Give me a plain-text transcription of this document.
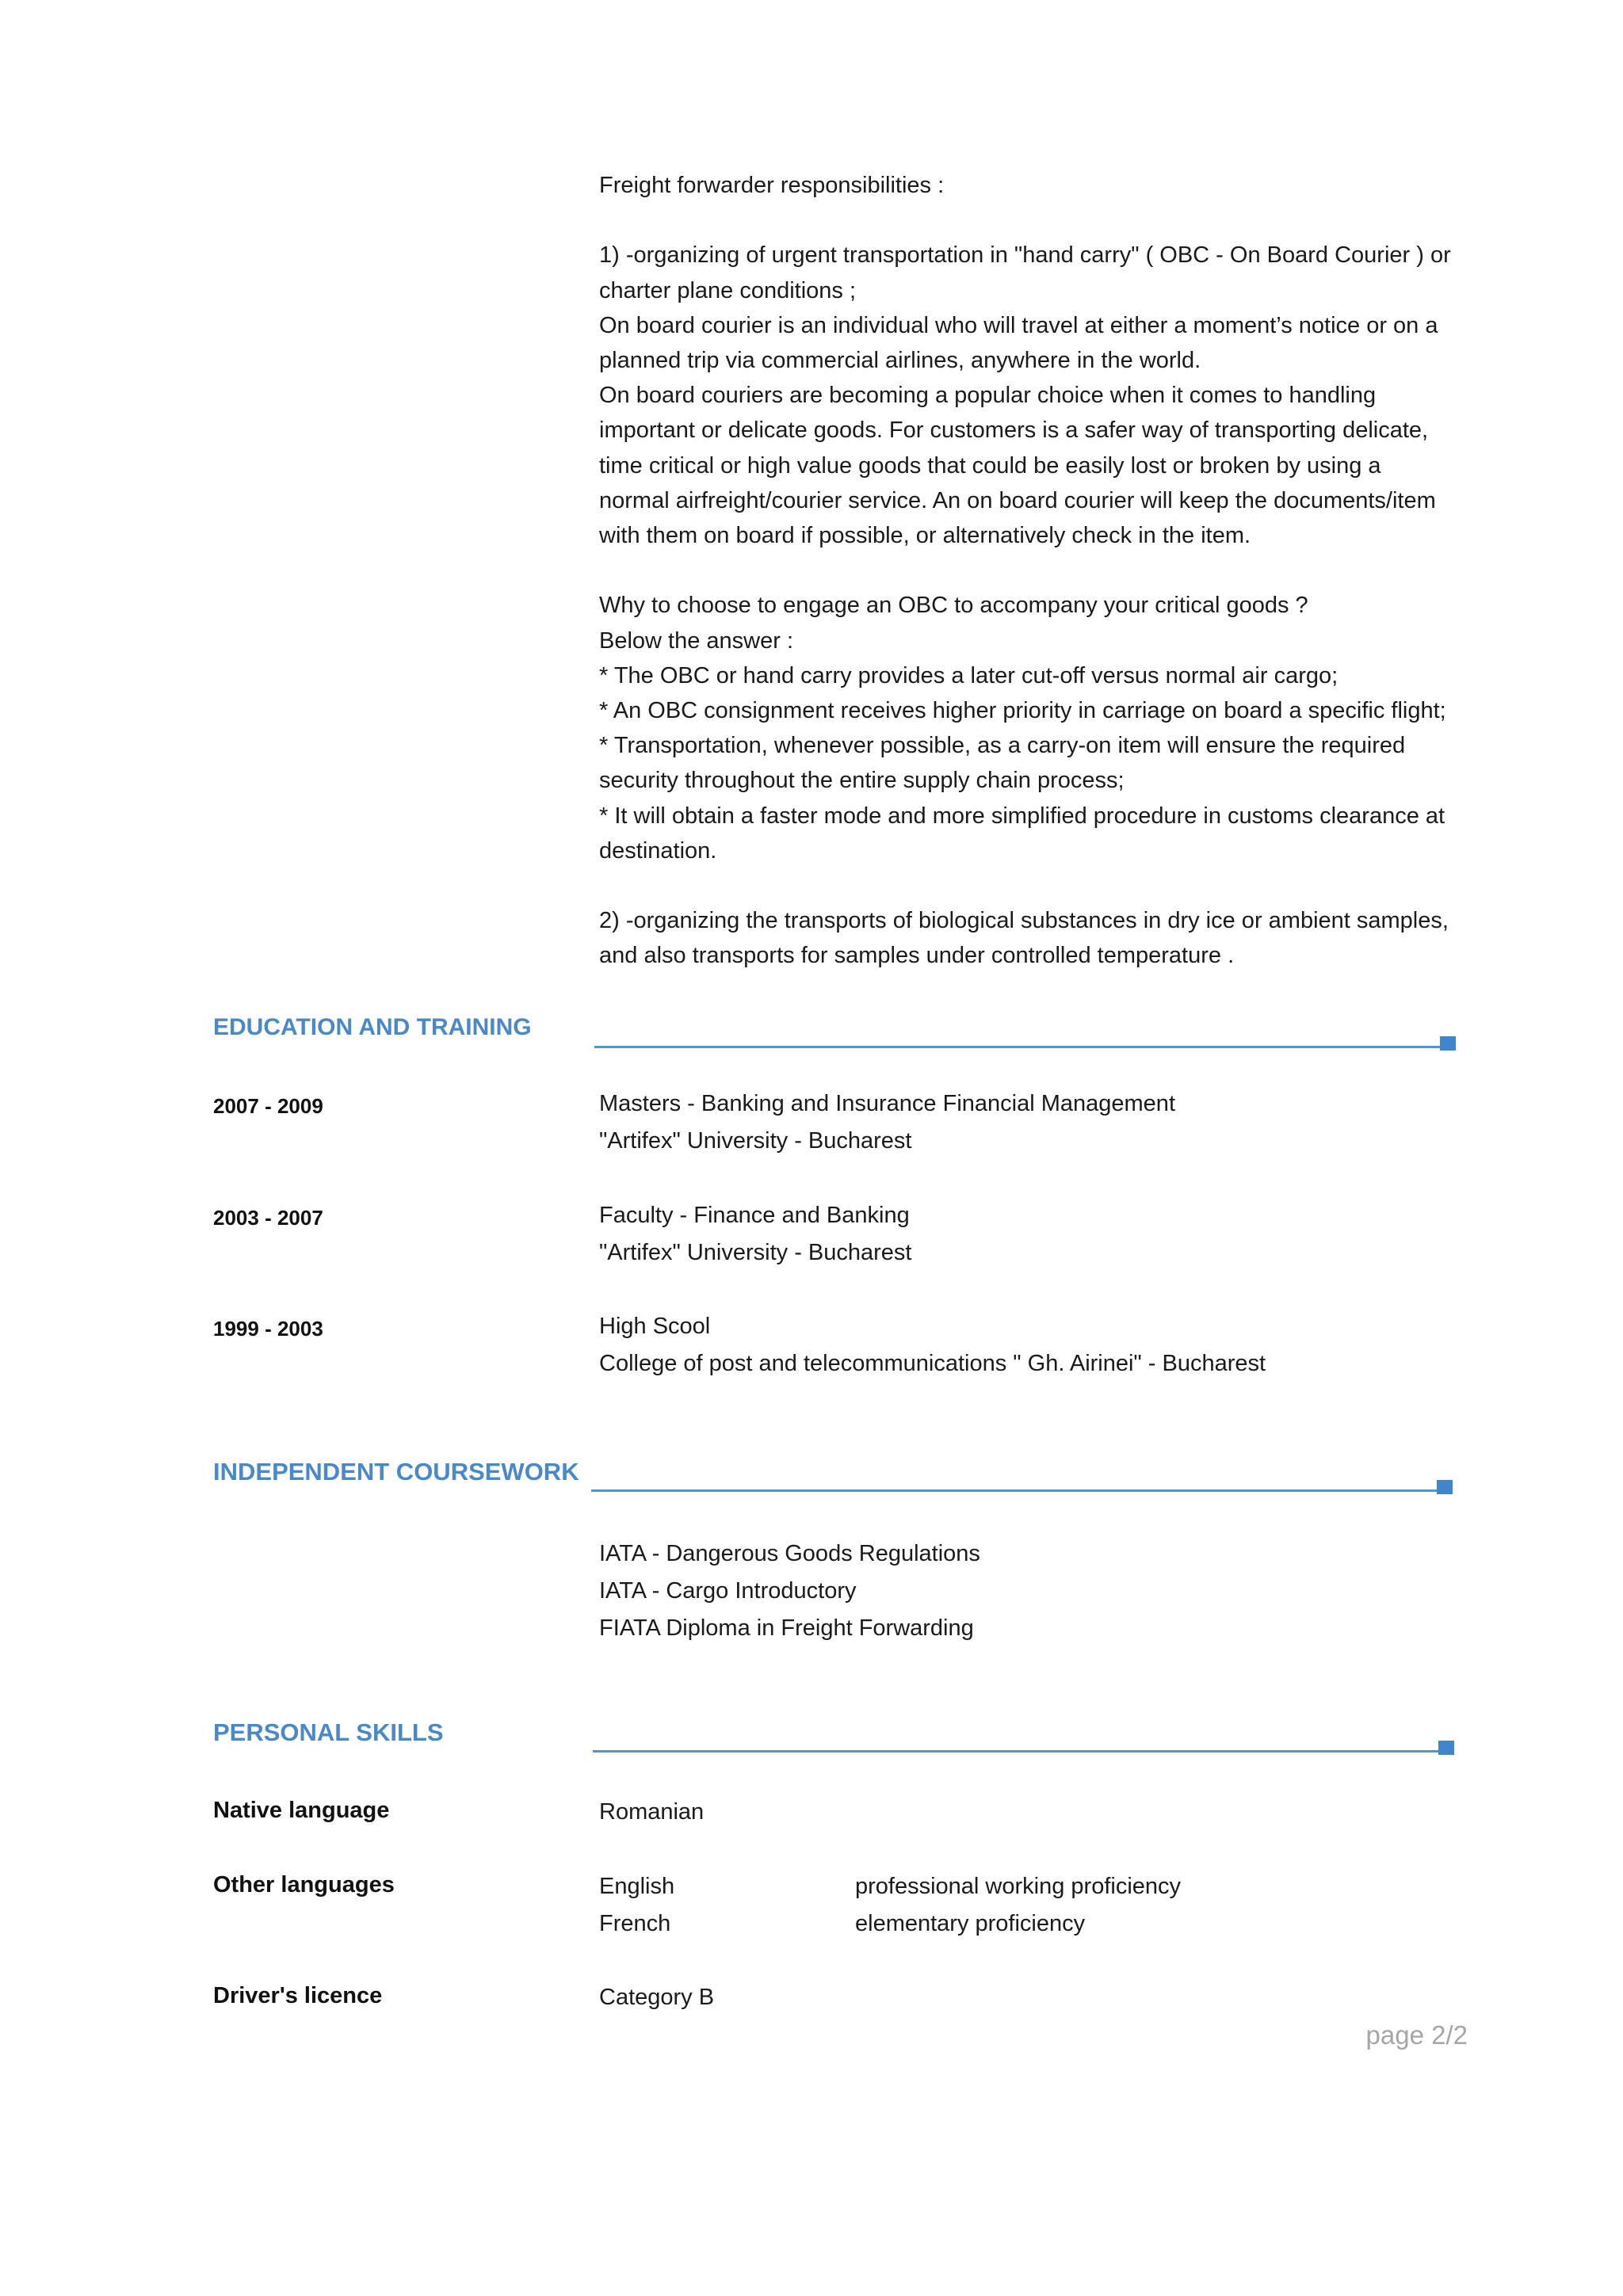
Freight forwarder responsibilities :
1) -organizing of urgent transportation in "hand carry" ( OBC - On Board Courier ) or
charter plane conditions ;
On board courier is an individual who will travel at either a moment’s notice or on a
planned trip via commercial airlines, anywhere in the world.
On board couriers are becoming a popular choice when it comes to handling
important or delicate goods. For customers is a safer way of transporting delicate,
time critical or high value goods that could be easily lost or broken by using a
normal airfreight/courier service. An on board courier will keep the documents/item
with them on board if possible, or alternatively check in the item.
Why to choose to engage an OBC to accompany your critical goods ?
Below the answer :
* The OBC or hand carry provides a later cut-off versus normal air cargo;
* An OBC consignment receives higher priority in carriage on board a specific flight;
* Transportation, whenever possible, as a carry-on item will ensure the required
security throughout the entire supply chain process;
* It will obtain a faster mode and more simplified procedure in customs clearance at
destination.
2) -organizing the transports of biological substances in dry ice or ambient samples,
and also transports for samples under controlled temperature .
EDUCATION AND TRAINING
2007 - 2009	Masters - Banking and Insurance Financial Management
"Artifex" University - Bucharest
2003 - 2007	Faculty - Finance and Banking
"Artifex" University - Bucharest
1999 - 2003	High Scool
College of post and telecommunications " Gh. Airinei" - Bucharest
INDEPENDENT COURSEWORK
IATA - Dangerous Goods Regulations
IATA - Cargo Introductory
FIATA Diploma in Freight Forwarding
PERSONAL SKILLS
Native language	Romanian
Other languages	English	professional working proficiency
French	elementary proficiency
Driver's licence	Category B
page 2/2
